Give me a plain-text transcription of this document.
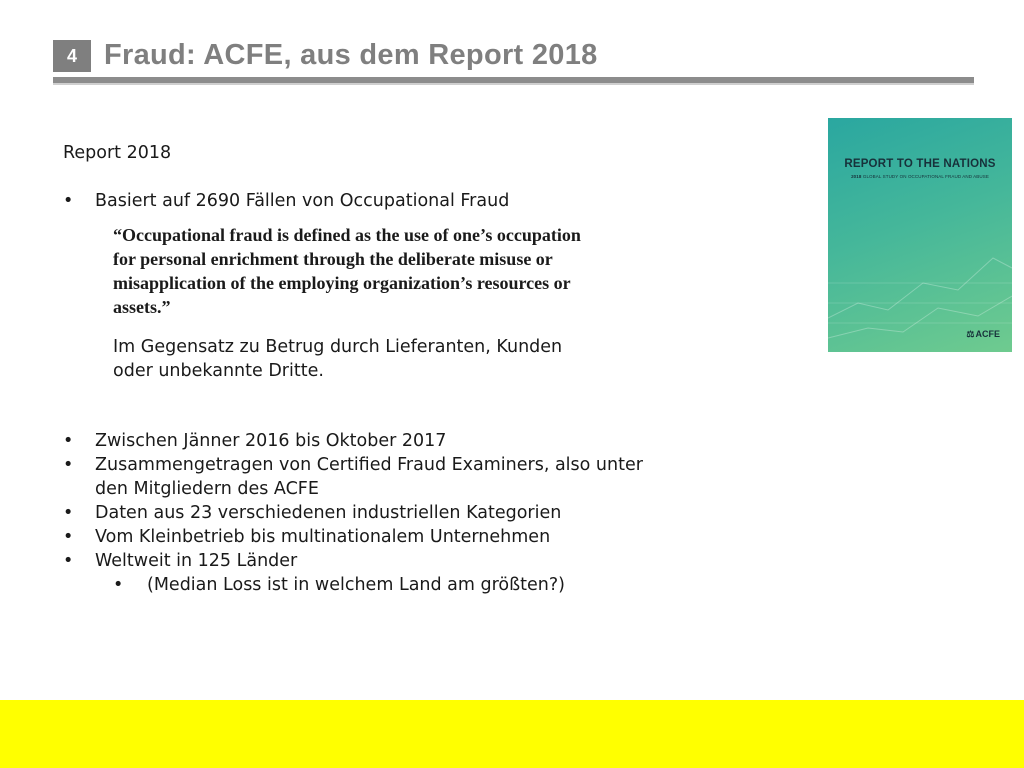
4 Fraud: ACFE, aus dem Report 2018

Report 2018

• Basiert auf 2690 Fällen von Occupational Fraud
“Occupational fraud is defined as the use of one’s occupation
for personal enrichment through the deliberate misuse or
misapplication of the employing organization’s resources or
assets.”
Im Gegensatz zu Betrug durch Lieferanten, Kunden
oder unbekannte Dritte.
• Zwischen Jänner 2016 bis Oktober 2017
• Zusammengetragen von Certified Fraud Examiners, also unter den Mitgliedern des ACFE
• Daten aus 23 verschiedenen industriellen Kategorien
• Vom Kleinbetrieb bis multinationalem Unternehmen
• Weltweit in 125 Länder
• (Median Loss ist in welchem Land am größten?)
REPORT TO THE NATIONS
2018 GLOBAL STUDY ON OCCUPATIONAL FRAUD AND ABUSE
⚖ACFE
